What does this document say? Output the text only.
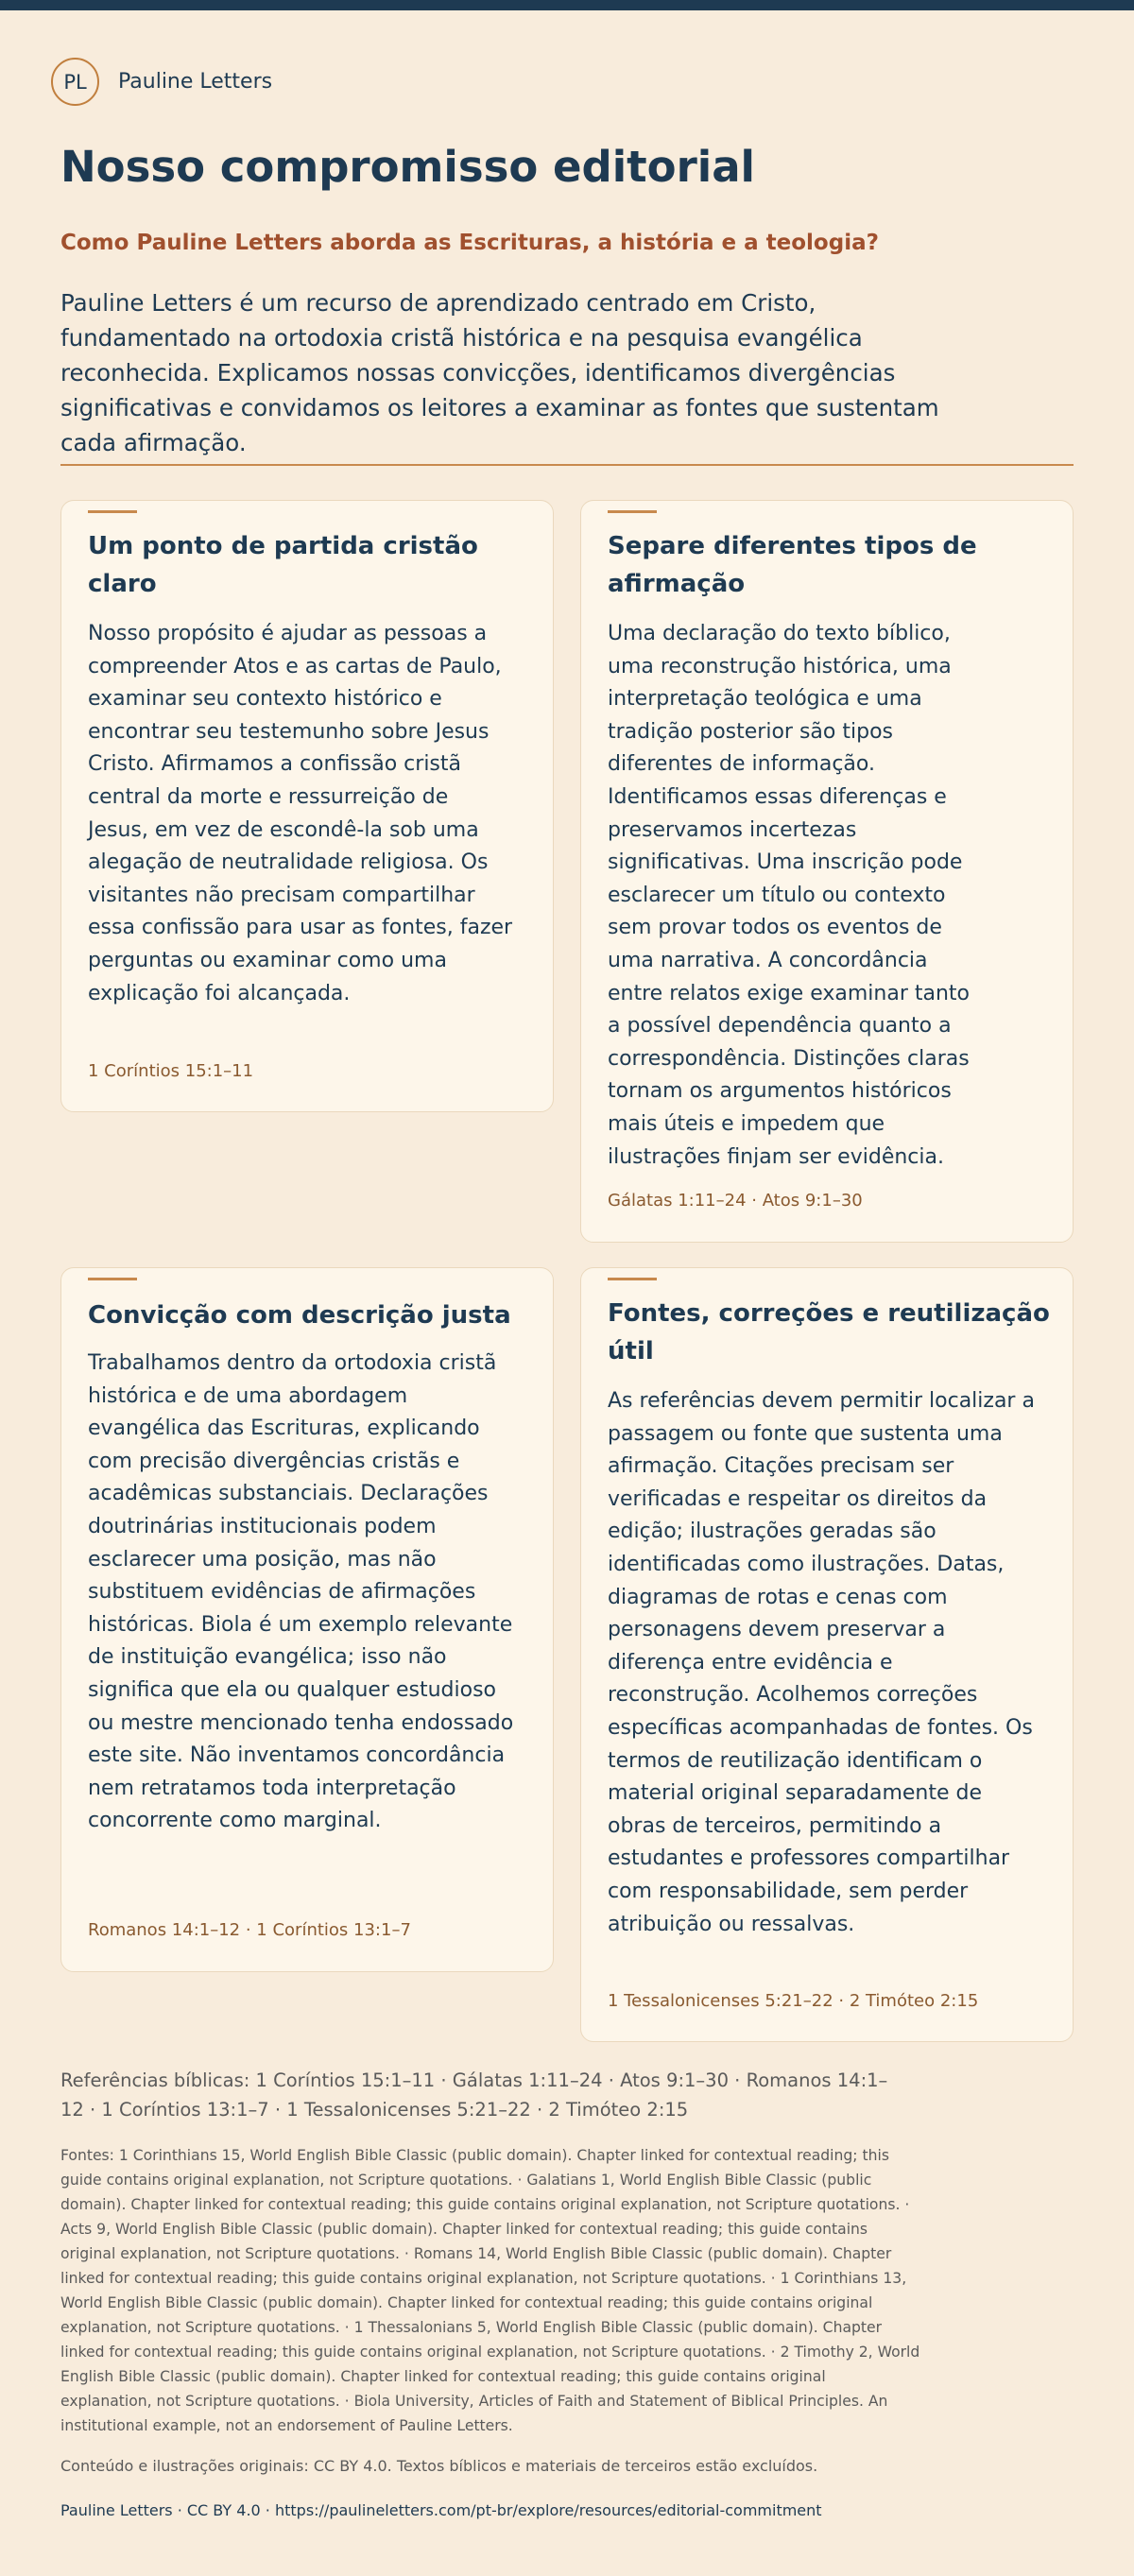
PL	Pauline Letters
Nosso compromisso editorial
Como Pauline Letters aborda as Escrituras, a história e a teologia?

Pauline Letters é um recurso de aprendizado centrado em Cristo, fundamentado na ortodoxia cristã histórica e na pesquisa evangélica reconhecida. Explicamos nossas convicções, identificamos divergências significativas e convidamos os leitores a examinar as fontes que sustentam cada afirmação.

Um ponto de partida cristão claro

Nosso propósito é ajudar as pessoas a compreender Atos e as cartas de Paulo, examinar seu contexto histórico e encontrar seu testemunho sobre Jesus Cristo. Afirmamos a confissão cristã central da morte e ressurreição de Jesus, em vez de escondê-la sob uma alegação de neutralidade religiosa. Os visitantes não precisam compartilhar essa confissão para usar as fontes, fazer perguntas ou examinar como uma explicação foi alcançada.

1 Coríntios 15:1–11
Separe diferentes tipos de afirmação

Uma declaração do texto bíblico, uma reconstrução histórica, uma interpretação teológica e uma tradição posterior são tipos diferentes de informação. Identificamos essas diferenças e preservamos incertezas significativas. Uma inscrição pode esclarecer um título ou contexto sem provar todos os eventos de uma narrativa. A concordância entre relatos exige examinar tanto a possível dependência quanto a correspondência. Distinções claras tornam os argumentos históricos mais úteis e impedem que ilustrações finjam ser evidência.

Gálatas 1:11–24 · Atos 9:1–30
Convicção com descrição justa

Trabalhamos dentro da ortodoxia cristã histórica e de uma abordagem evangélica das Escrituras, explicando com precisão divergências cristãs e acadêmicas substanciais. Declarações doutrinárias institucionais podem esclarecer uma posição, mas não substituem evidências de afirmações históricas. Biola é um exemplo relevante de instituição evangélica; isso não significa que ela ou qualquer estudioso ou mestre mencionado tenha endossado este site. Não inventamos concordância nem retratamos toda interpretação concorrente como marginal.

Romanos 14:1–12 · 1 Coríntios 13:1–7
Fontes, correções e reutilização útil

As referências devem permitir localizar a passagem ou fonte que sustenta uma afirmação. Citações precisam ser verificadas e respeitar os direitos da edição; ilustrações geradas são identificadas como ilustrações. Datas, diagramas de rotas e cenas com personagens devem preservar a diferença entre evidência e reconstrução. Acolhemos correções específicas acompanhadas de fontes. Os termos de reutilização identificam o material original separadamente de obras de terceiros, permitindo a estudantes e professores compartilhar com responsabilidade, sem perder atribuição ou ressalvas.

1 Tessalonicenses 5:21–22 · 2 Timóteo 2:15

Referências bíblicas: 1 Coríntios 15:1–11 · Gálatas 1:11–24 · Atos 9:1–30 · Romanos 14:1–12 · 1 Coríntios 13:1–7 · 1 Tessalonicenses 5:21–22 · 2 Timóteo 2:15

Fontes: 1 Corinthians 15, World English Bible Classic (public domain). Chapter linked for contextual reading; this guide contains original explanation, not Scripture quotations. · Galatians 1, World English Bible Classic (public domain). Chapter linked for contextual reading; this guide contains original explanation, not Scripture quotations. · Acts 9, World English Bible Classic (public domain). Chapter linked for contextual reading; this guide contains original explanation, not Scripture quotations. · Romans 14, World English Bible Classic (public domain). Chapter linked for contextual reading; this guide contains original explanation, not Scripture quotations. · 1 Corinthians 13, World English Bible Classic (public domain). Chapter linked for contextual reading; this guide contains original explanation, not Scripture quotations. · 1 Thessalonians 5, World English Bible Classic (public domain). Chapter linked for contextual reading; this guide contains original explanation, not Scripture quotations. · 2 Timothy 2, World English Bible Classic (public domain). Chapter linked for contextual reading; this guide contains original explanation, not Scripture quotations. · Biola University, Articles of Faith and Statement of Biblical Principles. An institutional example, not an endorsement of Pauline Letters.

Conteúdo e ilustrações originais: CC BY 4.0. Textos bíblicos e materiais de terceiros estão excluídos.

Pauline Letters · CC BY 4.0 · https://paulineletters.com/pt-br/explore/resources/editorial-commitment
